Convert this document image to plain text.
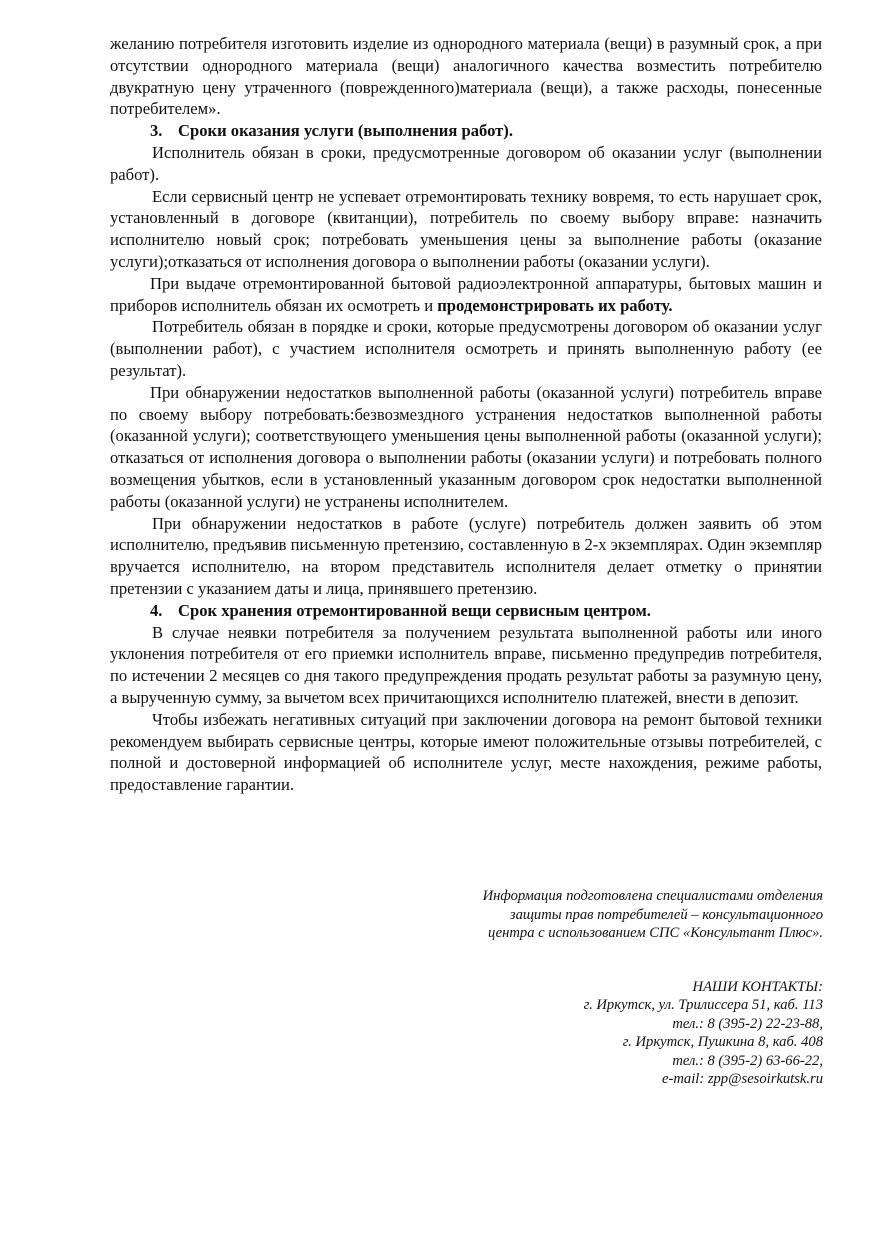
желанию потребителя изготовить изделие из однородного материала (вещи) в разумный срок, а при отсутствии однородного материала (вещи) аналогичного качества возместить потребителю двукратную цену утраченного (поврежденного)материала (вещи), а также расходы, понесенные потребителем».

3. Сроки оказания услуги (выполнения работ).

Исполнитель обязан в сроки, предусмотренные договором об оказании услуг (выполнении работ).

Если сервисный центр не успевает отремонтировать технику вовремя, то есть нарушает срок, установленный в договоре (квитанции), потребитель по своему выбору вправе: назначить исполнителю новый срок; потребовать уменьшения цены за выполнение работы (оказание услуги);отказаться от исполнения договора о выполнении работы (оказании услуги).

При выдаче отремонтированной бытовой радиоэлектронной аппаратуры, бытовых машин и приборов исполнитель обязан их осмотреть и продемонстрировать их работу.

Потребитель обязан в порядке и сроки, которые предусмотрены договором об оказании услуг (выполнении работ), с участием исполнителя осмотреть и принять выполненную работу (ее результат).

При обнаружении недостатков выполненной работы (оказанной услуги) потребитель вправе по своему выбору потребовать:безвозмездного устранения недостатков выполненной работы (оказанной услуги); соответствующего уменьшения цены выполненной работы (оказанной услуги); отказаться от исполнения договора о выполнении работы (оказании услуги) и потребовать полного возмещения убытков, если в установленный указанным договором срок недостатки выполненной работы (оказанной услуги) не устранены исполнителем.

При обнаружении недостатков в работе (услуге) потребитель должен заявить об этом исполнителю, предъявив письменную претензию, составленную в 2-х экземплярах. Один экземпляр вручается исполнителю, на втором представитель исполнителя делает отметку о принятии претензии с указанием даты и лица, принявшего претензию.

4. Срок хранения отремонтированной вещи сервисным центром.

В случае неявки потребителя за получением результата выполненной работы или иного уклонения потребителя от его приемки исполнитель вправе, письменно предупредив потребителя, по истечении 2 месяцев со дня такого предупреждения продать результат работы за разумную цену, а вырученную сумму, за вычетом всех причитающихся исполнителю платежей, внести в депозит.

Чтобы избежать негативных ситуаций при заключении договора на ремонт бытовой техники рекомендуем выбирать сервисные центры, которые имеют положительные отзывы потребителей, с полной и достоверной информацией об исполнителе услуг, месте нахождения, режиме работы, предоставление гарантии.

Информация подготовлена специалистами отделения
защиты прав потребителей – консультационного
центра с использованием СПС «Консультант Плюс».
НАШИ КОНТАКТЫ:
г. Иркутск, ул. Трилиссера 51, каб. 113
тел.: 8 (395-2) 22-23-88,
г. Иркутск, Пушкина 8, каб. 408
тел.: 8 (395-2) 63-66-22,
e-mail: zpp@sesoirkutsk.ru
